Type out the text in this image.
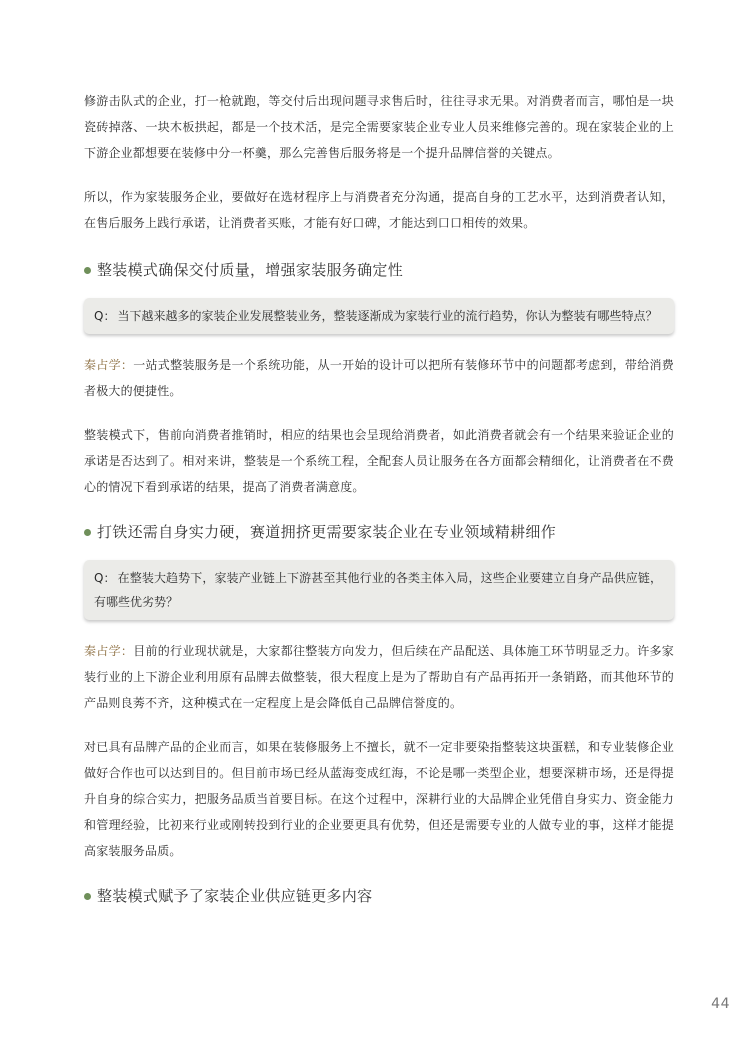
修游击队式的企业，打一枪就跑，等交付后出现问题寻求售后时，往往寻求无果。对消费者而言，哪怕是一块瓷砖掉落、一块木板拱起，都是一个技术活，是完全需要家装企业专业人员来维修完善的。现在家装企业的上下游企业都想要在装修中分一杯羹，那么完善售后服务将是一个提升品牌信誉的关键点。

所以，作为家装服务企业，要做好在选材程序上与消费者充分沟通，提高自身的工艺水平，达到消费者认知，在售后服务上践行承诺，让消费者买账，才能有好口碑，才能达到口口相传的效果。

整装模式确保交付质量，增强家装服务确定性
Q： 当下越来越多的家装企业发展整装业务，整装逐渐成为家装行业的流行趋势，你认为整装有哪些特点？

秦占学：一站式整装服务是一个系统功能，从一开始的设计可以把所有装修环节中的问题都考虑到，带给消费者极大的便捷性。

整装模式下，售前向消费者推销时，相应的结果也会呈现给消费者，如此消费者就会有一个结果来验证企业的承诺是否达到了。相对来讲，整装是一个系统工程，全配套人员让服务在各方面都会精细化，让消费者在不费心的情况下看到承诺的结果，提高了消费者满意度。

打铁还需自身实力硬，赛道拥挤更需要家装企业在专业领域精耕细作
Q： 在整装大趋势下，家装产业链上下游甚至其他行业的各类主体入局，这些企业要建立自身产品供应链，有哪些优劣势？

秦占学：目前的行业现状就是，大家都往整装方向发力，但后续在产品配送、具体施工环节明显乏力。许多家装行业的上下游企业利用原有品牌去做整装，很大程度上是为了帮助自有产品再拓开一条销路，而其他环节的产品则良莠不齐，这种模式在一定程度上是会降低自己品牌信誉度的。

对已具有品牌产品的企业而言，如果在装修服务上不擅长，就不一定非要染指整装这块蛋糕，和专业装修企业做好合作也可以达到目的。但目前市场已经从蓝海变成红海，不论是哪一类型企业，想要深耕市场，还是得提升自身的综合实力，把服务品质当首要目标。在这个过程中，深耕行业的大品牌企业凭借自身实力、资金能力和管理经验，比初来行业或刚转投到行业的企业要更具有优势，但还是需要专业的人做专业的事，这样才能提高家装服务品质。

整装模式赋予了家装企业供应链更多内容
44
